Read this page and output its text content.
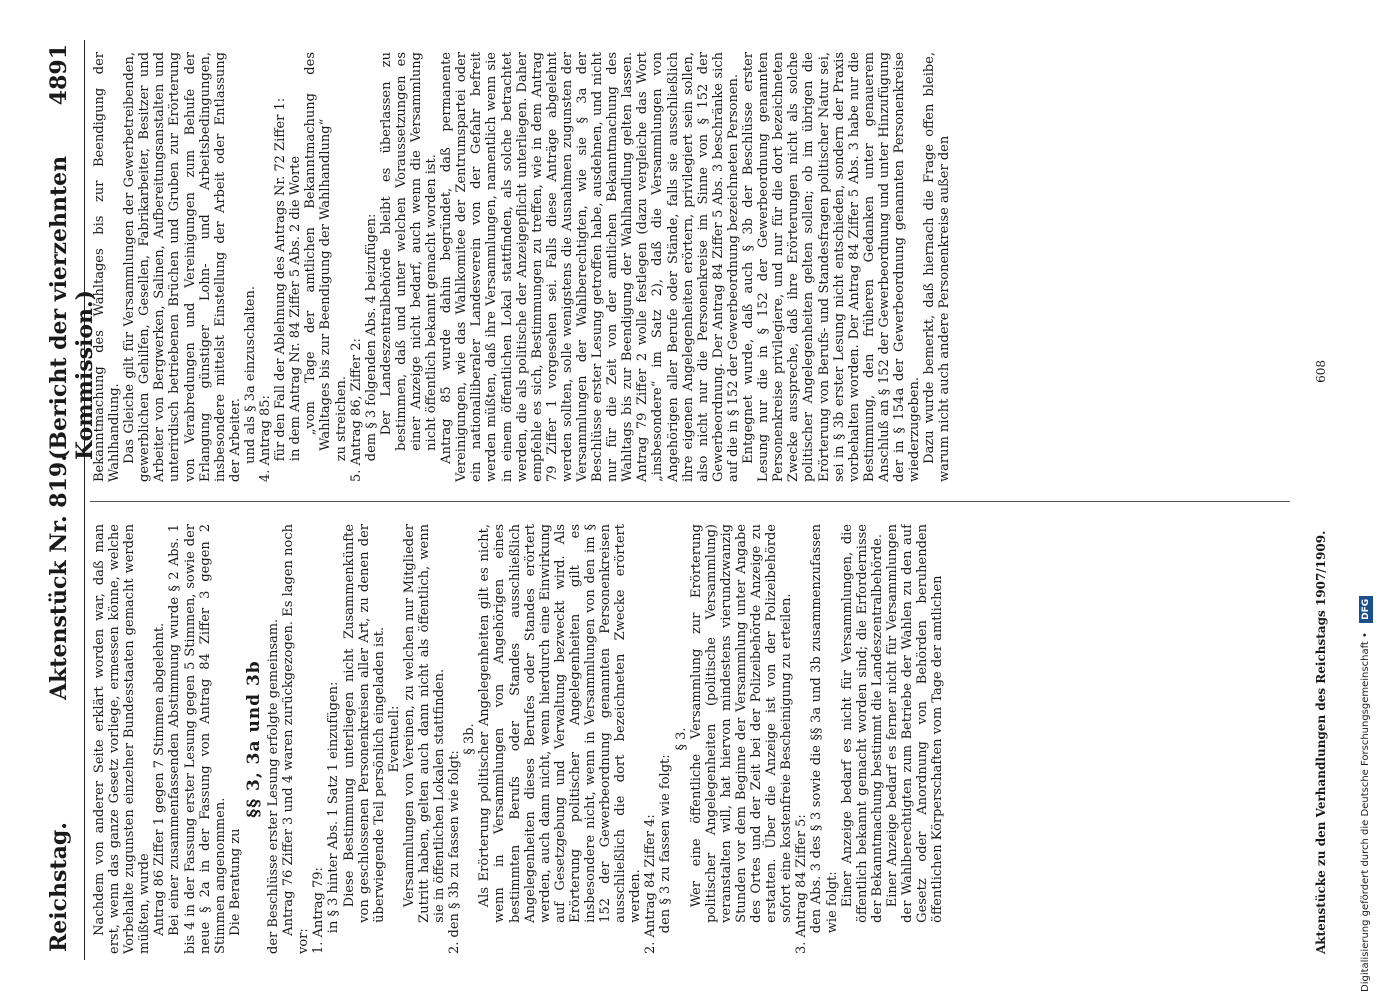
Reichstag.
Aktenstück Nr. 819.
(Bericht der vierzehnten Kommission.)
4891

Nachdem von anderer Seite erklärt worden war, daß man erst, wenn das ganze Gesetz vorliege, ermessen könne, welche Vorbehalte zugunsten einzelner Bundesstaaten gemacht werden müßten, wurde Antrag 86 Ziffer 1 gegen 7 Stimmen abgelehnt. Bei einer zusammenfassenden Abstimmung wurde § 2 Abs. 1 bis 4 in der Fassung erster Lesung gegen 5 Stimmen, sowie der neue § 2a in der Fassung von Antrag 84 Ziffer 3 gegen 2 Stimmen angenommen. Die Beratung zu

§§ 3, 3a und 3b der Beschlüsse erster Lesung erfolgte gemeinsam. Antrag 76 Ziffer 3 und 4 waren zurückgezogen. Es lagen noch vor: 1. Antrag 79: in § 3 hinter Abs. 1 Satz 1 einzufügen: Diese Bestimmung unterliegen nicht Zusammenkünfte von geschlossenen Personenkreisen aller Art, zu denen der überwiegende Teil persönlich eingeladen ist. Eventuell: Versammlungen von Vereinen, zu welchen nur Mitglieder Zutritt haben, gelten auch dann nicht als öffentlich, wenn sie in öffentlichen Lokalen stattfinden. 2. den § 3b zu fassen wie folgt:

§ 3b. Als Erörterung politischer Angelegenheiten gilt es nicht, wenn in Versammlungen von Angehörigen eines bestimmten Berufs oder Standes ausschließlich Angelegenheiten dieses Berufes oder Standes erörtert werden, auch dann nicht, wenn hierdurch eine Einwirkung auf Gesetzgebung und Verwaltung bezweckt wird. Als Erörterung politischer Angelegenheiten gilt es insbesondere nicht, wenn in Versammlungen von den im § 152 der Gewerbeordnung genannten Personenkreisen ausschließlich die dort bezeichneten Zwecke erörtert werden. 2. Antrag 84 Ziffer 4: den § 3 zu fassen wie folgt:

§ 3. Wer eine öffentliche Versammlung zur Erörterung politischer Angelegenheiten (politische Versammlung) veranstalten will, hat hiervon mindestens vierundzwanzig Stunden vor dem Beginne der Versammlung unter Angabe des Ortes und der Zeit bei der Polizeibehörde Anzeige zu erstatten. Über die Anzeige ist von der Polizeibehörde sofort eine kostenfreie Bescheinigung zu erteilen. 3. Antrag 84 Ziffer 5: den Abs. 3 des § 3 sowie die §§ 3a und 3b zusammenzufassen wie folgt: Einer Anzeige bedarf es nicht für Versammlungen, die öffentlich bekannt gemacht worden sind; die Erfordernisse der Bekanntmachung bestimmt die Landeszentralbehörde. Einer Anzeige bedarf es ferner nicht für Versammlungen der Wahlberechtigten zum Betriebe der Wahlen zu den auf Gesetz oder Anordnung von Behörden beruhenden öffentlichen Körperschaften vom Tage der amtlichen

Bekanntmachung des Wahltages bis zur Beendigung der Wahlhandlung. Das Gleiche gilt für Versammlungen der Gewerbetreibenden, gewerblichen Gehilfen, Gesellen, Fabrikarbeiter, Besitzer und Arbeiter von Bergwerken, Salinen, Aufbereitungsanstalten und unterirdisch betriebenen Brüchen und Gruben zur Erörterung von Verabredungen und Vereinigungen zum Behufe der Erlangung günstiger Lohn- und Arbeitsbedingungen, insbesondere mittelst Einstellung der Arbeit oder Entlassung der Arbeiter. und als § 3a einzuschalten. 4. Antrag 85: für den Fall der Ablehnung des Antrags Nr. 72 Ziffer 1: in dem Antrag Nr. 84 Ziffer 5 Abs. 2 die Worte „vom Tage der amtlichen Bekanntmachung des Wahltages bis zur Beendigung der Wahlhandlung“ zu streichen. 5. Antrag 86, Ziffer 2: dem § 3 folgenden Abs. 4 beizufügen: Der Landeszentralbehörde bleibt es überlassen zu bestimmen, daß und unter welchen Voraussetzungen es einer Anzeige nicht bedarf, auch wenn die Versammlung nicht öffentlich bekannt gemacht worden ist. Antrag 85 wurde dahin begründet, daß permanente Vereinigungen, wie das Wahlkomitee der Zentrumspartei oder ein nationalliberaler Landesverein von der Gefahr befreit werden müßten, daß ihre Versammlungen, namentlich wenn sie in einem öffentlichen Lokal stattfinden, als solche betrachtet werden, die als politische der Anzeigepflicht unterliegen. Daher empfehle es sich, Bestimmungen zu treffen, wie in dem Antrag 79 Ziffer 1 vorgesehen sei. Falls diese Anträge abgelehnt werden sollten, solle wenigstens die Ausnahmen zugunsten der Versammlungen der Wahlberechtigten, wie sie § 3a der Beschlüsse erster Lesung getroffen habe, ausdehnen, und nicht nur für die Zeit von der amtlichen Bekanntmachung des Wahltags bis zur Beendigung der Wahlhandlung gelten lassen. Antrag 79 Ziffer 2 wolle festlegen (dazu vergleiche das Wort „insbesondere“ im Satz 2), daß die Versammlungen von Angehörigen aller Berufe oder Stände, falls sie ausschließlich ihre eigenen Angelegenheiten erörtern, privilegiert sein sollen, also nicht nur die Personenkreise im Sinne von § 152 der Gewerbeordnung. Der Antrag 84 Ziffer 5 Abs. 3 beschränke sich auf die in § 152 der Gewerbeordnung bezeichneten Personen. Entgegnet wurde, daß auch § 3b der Beschlüsse erster Lesung nur die in § 152 der Gewerbeordnung genannten Personenkreise privilegiere, und nur für die dort bezeichneten Zwecke ausspreche, daß ihre Erörterungen nicht als solche politischer Angelegenheiten gelten sollen; ob im übrigen die Erörterung von Berufs- und Standesfragen politischer Natur sei, sei in § 3b erster Lesung nicht entschieden, sondern der Praxis vorbehalten worden. Der Antrag 84 Ziffer 5 Abs. 3 habe nur die Bestimmung, den früheren Gedanken unter genauerem Anschluß an § 152 der Gewerbeordnung und unter Hinzufügung der in § 154a der Gewerbeordnung genannten Personenkreise wiederzugeben. Dazu wurde bemerkt, daß hiernach die Frage offen bleibe, warum nicht auch andere Personenkreise außer den

Aktenstücke zu den Verhandlungen des Reichstags 1907/1909.
608
Digitalisierung gefördert durch die Deutsche Forschungsgemeinschaft • DFG
